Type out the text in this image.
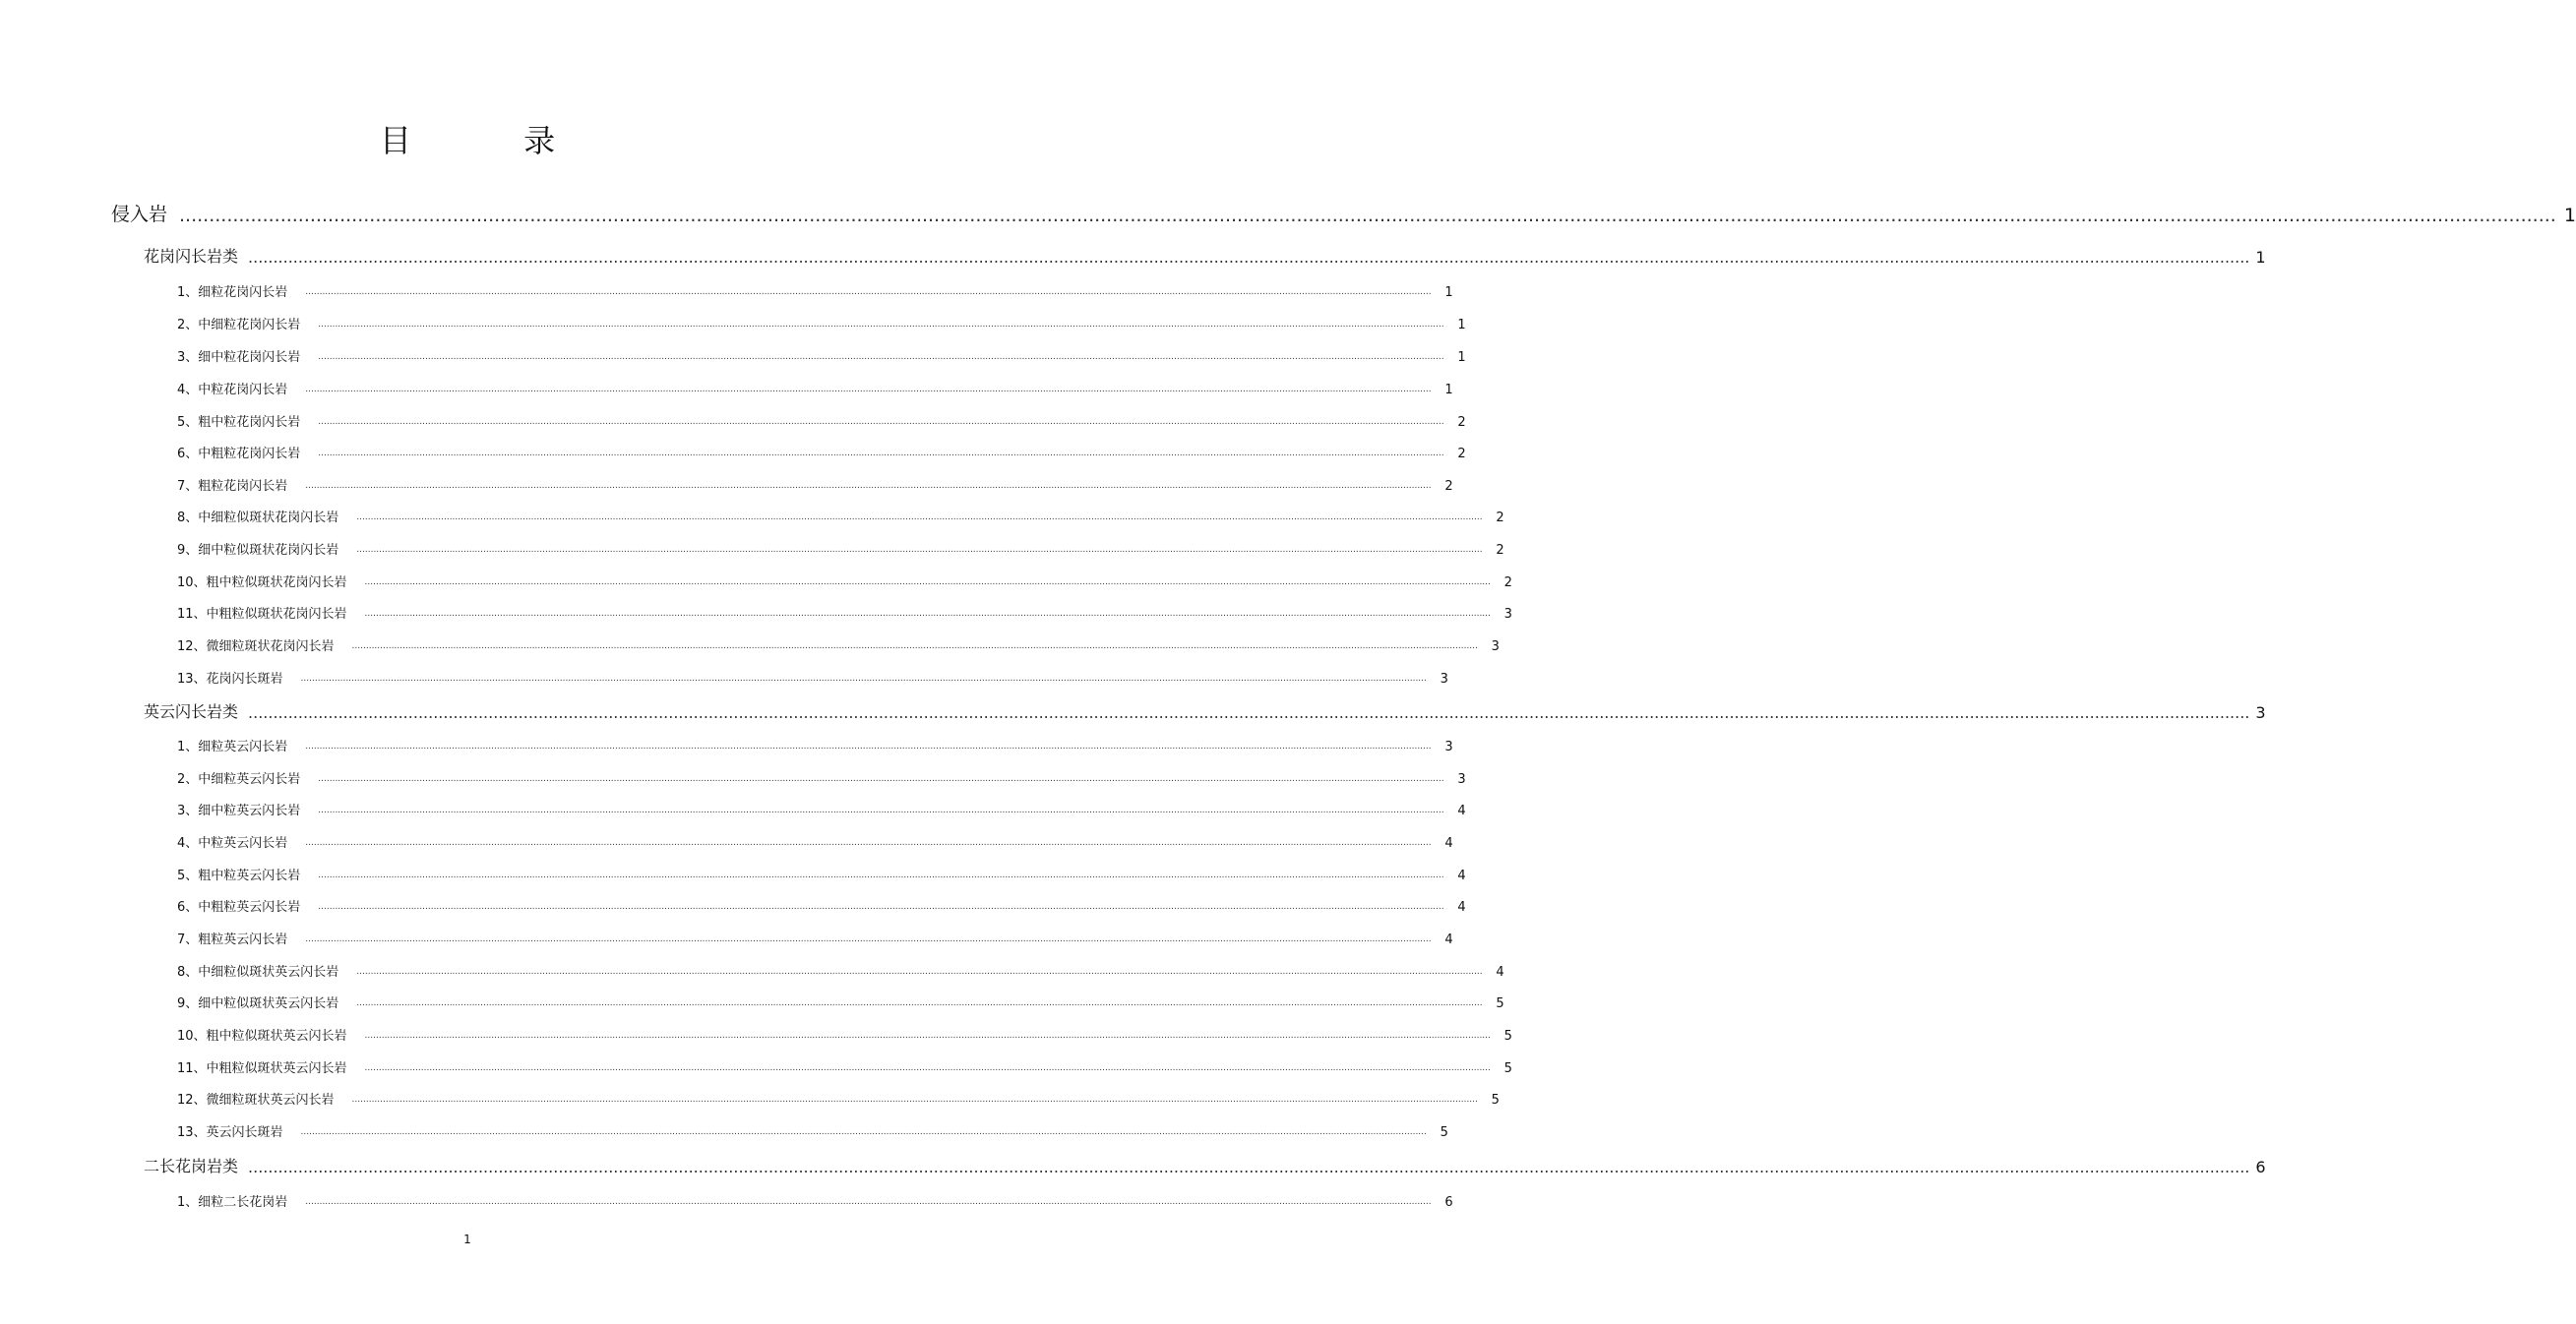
目 录
侵入岩 ................................................................................................................................................................................................................................................................................................................................................................................................................ 1
花岗闪长岩类 ................................................................................................................................................................................................................................................................................................................................................................................................................ 1
1、细粒花岗闪长岩 ................................................................................................................................................................................................................................................................................................................................................................................................................ 1
2、中细粒花岗闪长岩 ................................................................................................................................................................................................................................................................................................................................................................................................................ 1
3、细中粒花岗闪长岩 ................................................................................................................................................................................................................................................................................................................................................................................................................ 1
4、中粒花岗闪长岩 ................................................................................................................................................................................................................................................................................................................................................................................................................ 1
5、粗中粒花岗闪长岩 ................................................................................................................................................................................................................................................................................................................................................................................................................ 2
6、中粗粒花岗闪长岩 ................................................................................................................................................................................................................................................................................................................................................................................................................ 2
7、粗粒花岗闪长岩 ................................................................................................................................................................................................................................................................................................................................................................................................................ 2
8、中细粒似斑状花岗闪长岩 ................................................................................................................................................................................................................................................................................................................................................................................................................ 2
9、细中粒似斑状花岗闪长岩 ................................................................................................................................................................................................................................................................................................................................................................................................................ 2
10、粗中粒似斑状花岗闪长岩 ................................................................................................................................................................................................................................................................................................................................................................................................................ 2
11、中粗粒似斑状花岗闪长岩 ................................................................................................................................................................................................................................................................................................................................................................................................................ 3
12、微细粒斑状花岗闪长岩 ................................................................................................................................................................................................................................................................................................................................................................................................................ 3
13、花岗闪长斑岩 ................................................................................................................................................................................................................................................................................................................................................................................................................ 3
英云闪长岩类 ................................................................................................................................................................................................................................................................................................................................................................................................................ 3
1、细粒英云闪长岩 ................................................................................................................................................................................................................................................................................................................................................................................................................ 3
2、中细粒英云闪长岩 ................................................................................................................................................................................................................................................................................................................................................................................................................ 3
3、细中粒英云闪长岩 ................................................................................................................................................................................................................................................................................................................................................................................................................ 4
4、中粒英云闪长岩 ................................................................................................................................................................................................................................................................................................................................................................................................................ 4
5、粗中粒英云闪长岩 ................................................................................................................................................................................................................................................................................................................................................................................................................ 4
6、中粗粒英云闪长岩 ................................................................................................................................................................................................................................................................................................................................................................................................................ 4
7、粗粒英云闪长岩 ................................................................................................................................................................................................................................................................................................................................................................................................................ 4
8、中细粒似斑状英云闪长岩 ................................................................................................................................................................................................................................................................................................................................................................................................................ 4
9、细中粒似斑状英云闪长岩 ................................................................................................................................................................................................................................................................................................................................................................................................................ 5
10、粗中粒似斑状英云闪长岩 ................................................................................................................................................................................................................................................................................................................................................................................................................ 5
11、中粗粒似斑状英云闪长岩 ................................................................................................................................................................................................................................................................................................................................................................................................................ 5
12、微细粒斑状英云闪长岩 ................................................................................................................................................................................................................................................................................................................................................................................................................ 5
13、英云闪长斑岩 ................................................................................................................................................................................................................................................................................................................................................................................................................ 5
二长花岗岩类 ................................................................................................................................................................................................................................................................................................................................................................................................................ 6
1、细粒二长花岗岩 ................................................................................................................................................................................................................................................................................................................................................................................................................ 6
1
